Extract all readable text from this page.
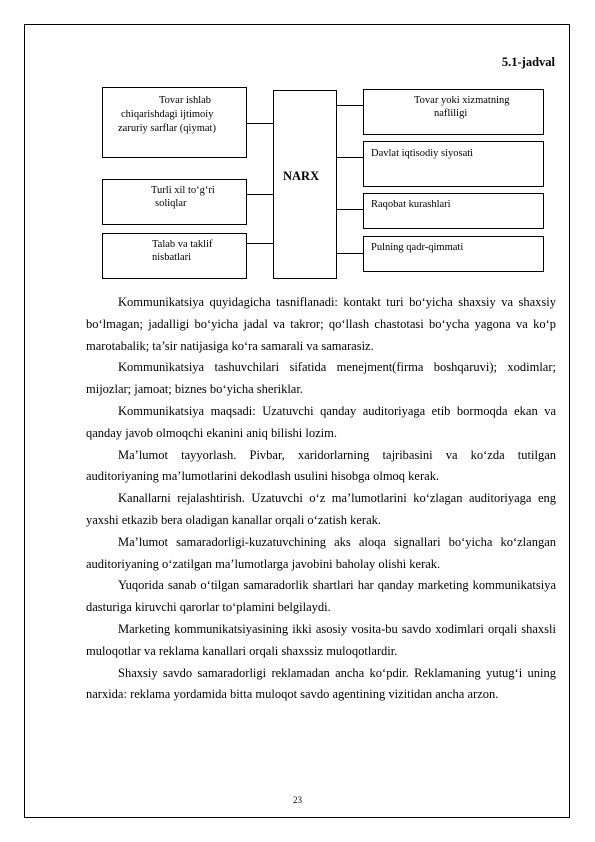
5.1-jadval
Tovar ishlab
chiqarishdagi ijtimoiy
zaruriy sarflar (qiymat)
Turli xil to‘g‘ri
soliqlar
Talab va taklif
nisbatlari
NARX
Tovar yoki xizmatning
nafliligi
Davlat iqtisodiy siyosati
Raqobat kurashlari
Pulning qadr-qimmati

Kommunikatsiya quyidagicha tasniflanadi: kontakt turi bo‘yicha shaxsiy va shaxsiy bo‘lmagan; jadalligi bo‘yicha jadal va takror; qo‘llash chastotasi bo‘ycha yagona va ko‘p marotabalik; ta’sir natijasiga ko‘ra samarali va samarasiz.

Kommunikatsiya tashuvchilari sifatida menejment(firma boshqaruvi); xodimlar; mijozlar; jamoat; biznes bo‘yicha sheriklar.

Kommunikatsiya maqsadi: Uzatuvchi qanday auditoriyaga etib bormoqda ekan va qanday javob olmoqchi ekanini aniq bilishi lozim.

Ma’lumot tayyorlash. Pivbar, xaridorlarning tajribasini va ko‘zda tutilgan auditoriyaning ma’lumotlarini dekodlash usulini hisobga olmoq kerak.

Kanallarni rejalashtirish. Uzatuvchi o‘z ma’lumotlarini ko‘zlagan auditoriyaga eng yaxshi etkazib bera oladigan kanallar orqali o‘zatish kerak.

Ma’lumot samaradorligi-kuzatuvchining aks aloqa signallari bo‘yicha ko‘zlangan auditoriyaning o‘zatilgan ma’lumotlarga javobini baholay olishi kerak.

Yuqorida sanab o‘tilgan samaradorlik shartlari har qanday marketing kommunikatsiya dasturiga kiruvchi qarorlar to‘plamini belgilaydi.

Marketing kommunikatsiyasining ikki asosiy vosita-bu savdo xodimlari orqali shaxsli muloqotlar va reklama kanallari orqali shaxssiz muloqotlardir.

Shaxsiy savdo samaradorligi reklamadan ancha ko‘pdir. Reklamaning yutug‘i uning narxida: reklama yordamida bitta muloqot savdo agentining vizitidan ancha arzon.

23
